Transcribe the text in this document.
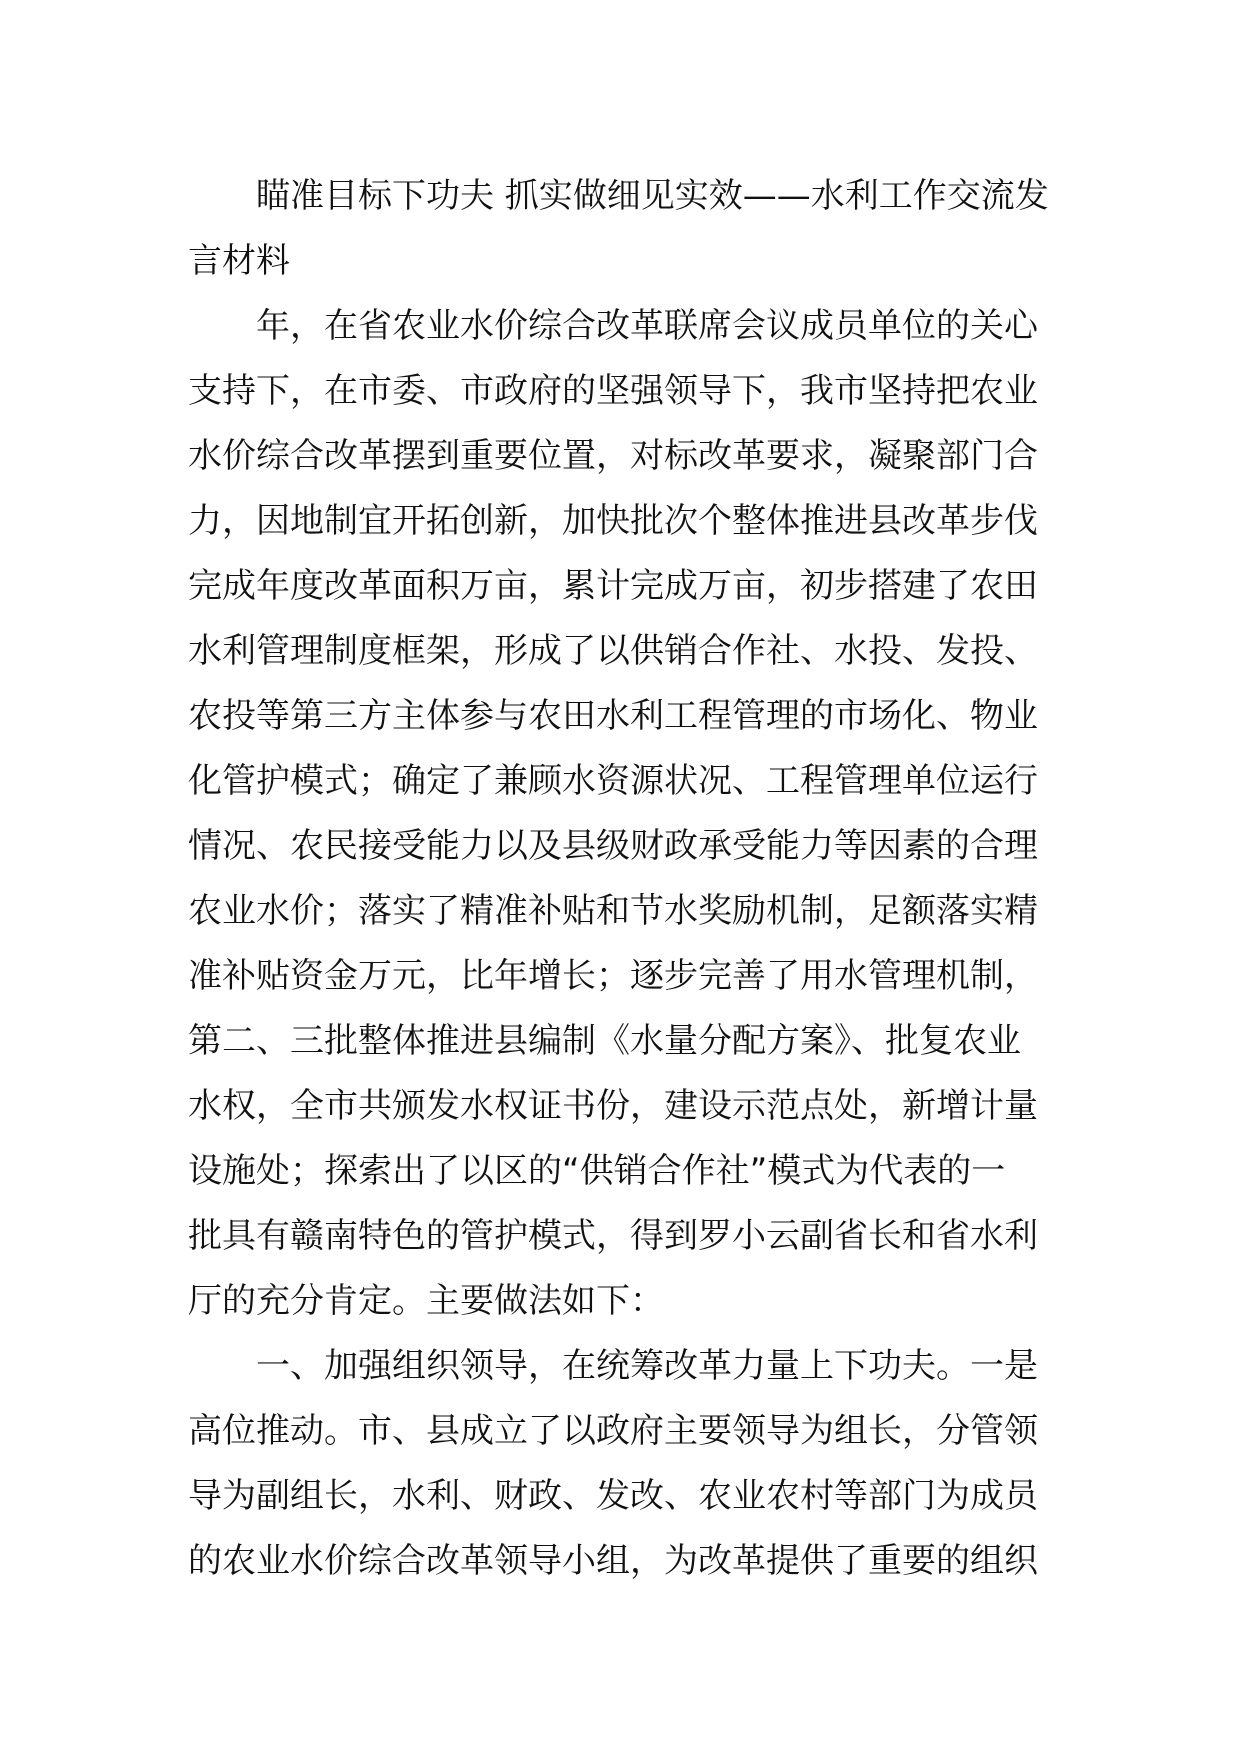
瞄准目标下功夫 抓实做细见实效——水利工作交流发
言材料
年，在省农业水价综合改革联席会议成员单位的关心
支持下，在市委、市政府的坚强领导下，我市坚持把农业
水价综合改革摆到重要位置，对标改革要求，凝聚部门合
力，因地制宜开拓创新，加快批次个整体推进县改革步伐
完成年度改革面积万亩，累计完成万亩，初步搭建了农田
水利管理制度框架，形成了以供销合作社、水投、发投、
农投等第三方主体参与农田水利工程管理的市场化、物业
化管护模式；确定了兼顾水资源状况、工程管理单位运行
情况、农民接受能力以及县级财政承受能力等因素的合理
农业水价；落实了精准补贴和节水奖励机制，足额落实精
准补贴资金万元，比年增长；逐步完善了用水管理机制，
第二、三批整体推进县编制《水量分配方案》、批复农业
水权，全市共颁发水权证书份，建设示范点处，新增计量
设施处；探索出了以区的“供销合作社”模式为代表的一
批具有赣南特色的管护模式，得到罗小云副省长和省水利
厅的充分肯定。主要做法如下：
一、加强组织领导，在统筹改革力量上下功夫。一是
高位推动。市、县成立了以政府主要领导为组长，分管领
导为副组长，水利、财政、发改、农业农村等部门为成员
的农业水价综合改革领导小组，为改革提供了重要的组织
